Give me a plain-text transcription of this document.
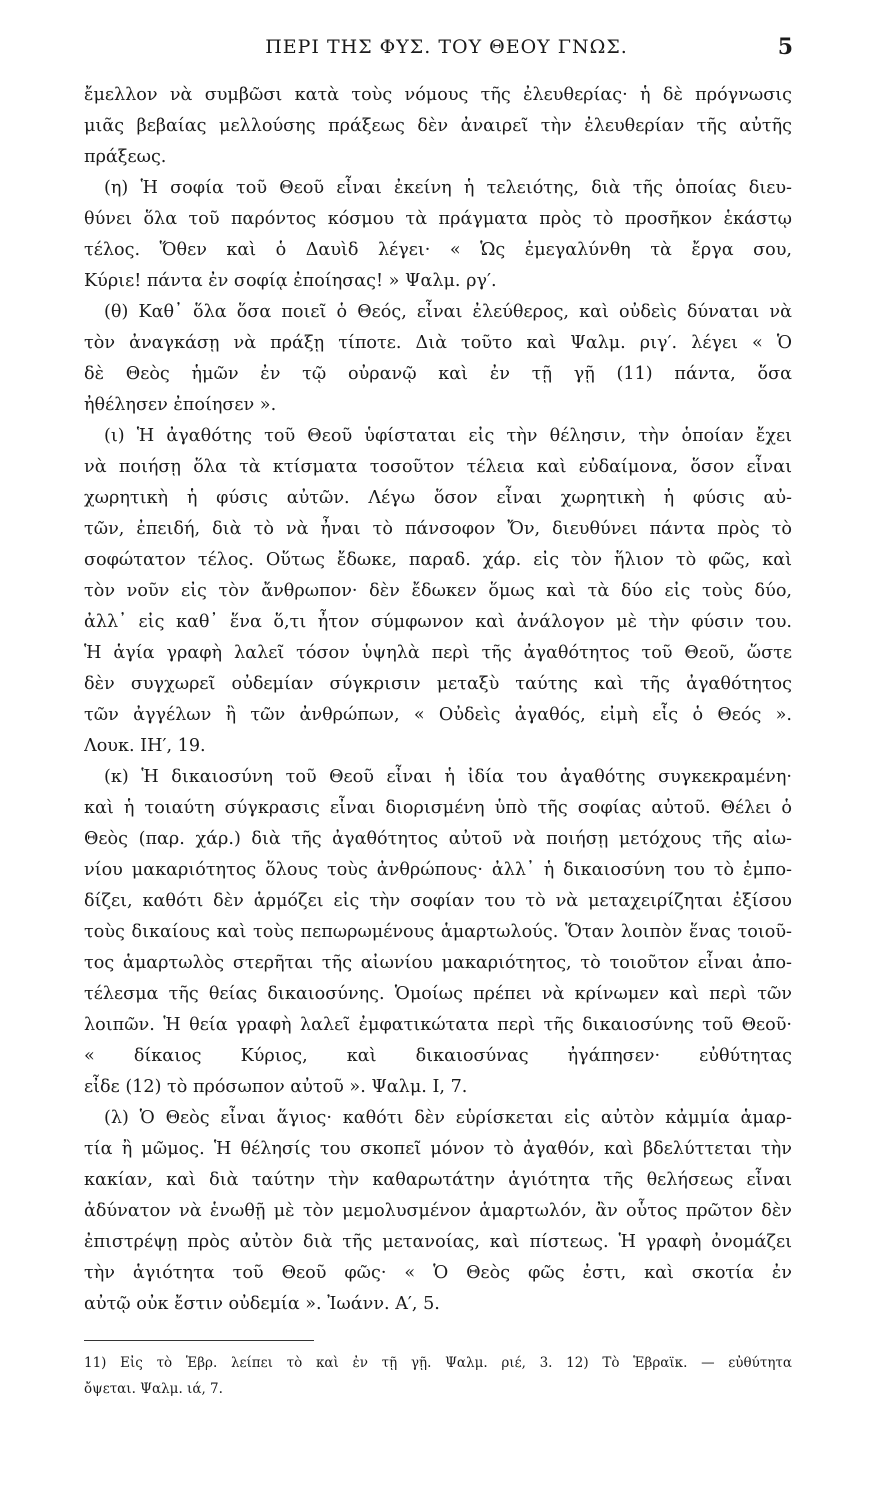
ΠΕΡΙ ΤΗΣ ΦΥΣ. ΤΟΥ ΘΕΟΥ ΓΝΩΣ.	5
ἔμελλον νὰ συμβῶσι κατὰ τοὺς νόμους τῆς ἐλευθερίας· ἡ δὲ πρόγνωσις
μιᾶς βεβαίας μελλούσης πράξεως δὲν ἀναιρεῖ τὴν ἐλευθερίαν τῆς αὐτῆς
πράξεως.
(η) Ἡ σοφία τοῦ Θεοῦ εἶναι ἐκείνη ἡ τελειότης, διὰ τῆς ὁποίας διευ-
θύνει ὅλα τοῦ παρόντος κόσμου τὰ πράγματα πρὸς τὸ προσῆκον ἑκάστῳ
τέλος. Ὅθεν καὶ ὁ Δαυὶδ λέγει· « Ὡς ἐμεγαλύνθη τὰ ἔργα σου,
Κύριε! πάντα ἐν σοφίᾳ ἐποίησας! » Ψαλμ. ργ′.
(θ) Καθ᾽ ὅλα ὅσα ποιεῖ ὁ Θεός, εἶναι ἐλεύθερος, καὶ οὐδεὶς δύναται νὰ
τὸν ἀναγκάσῃ νὰ πράξῃ τίποτε. Διὰ τοῦτο καὶ Ψαλμ. ριγ′. λέγει « Ὁ
δὲ Θεὸς ἡμῶν ἐν τῷ οὐρανῷ καὶ ἐν τῇ γῇ (11) πάντα, ὅσα
ἠθέλησεν ἐποίησεν ».
(ι) Ἡ ἀγαθότης τοῦ Θεοῦ ὑφίσταται εἰς τὴν θέλησιν, τὴν ὁποίαν ἔχει
νὰ ποιήσῃ ὅλα τὰ κτίσματα τοσοῦτον τέλεια καὶ εὐδαίμονα, ὅσον εἶναι
χωρητικὴ ἡ φύσις αὐτῶν. Λέγω ὅσον εἶναι χωρητικὴ ἡ φύσις αὐ-
τῶν, ἐπειδή, διὰ τὸ νὰ ἦναι τὸ πάνσοφον Ὄν, διευθύνει πάντα πρὸς τὸ
σοφώτατον τέλος. Οὕτως ἔδωκε, παραδ. χάρ. εἰς τὸν ἥλιον τὸ φῶς, καὶ
τὸν νοῦν εἰς τὸν ἄνθρωπον· δὲν ἔδωκεν ὅμως καὶ τὰ δύο εἰς τοὺς δύο,
ἀλλ᾽ εἰς καθ᾽ ἕνα ὅ,τι ἦτον σύμφωνον καὶ ἀνάλογον μὲ τὴν φύσιν του.
Ἡ ἁγία γραφὴ λαλεῖ τόσον ὑψηλὰ περὶ τῆς ἀγαθότητος τοῦ Θεοῦ, ὥστε
δὲν συγχωρεῖ οὐδεμίαν σύγκρισιν μεταξὺ ταύτης καὶ τῆς ἀγαθότητος
τῶν ἀγγέλων ἢ τῶν ἀνθρώπων, « Οὐδεὶς ἀγαθός, εἰμὴ εἷς ὁ Θεός ».
Λουκ. ΙΗ′, 19.
(κ) Ἡ δικαιοσύνη τοῦ Θεοῦ εἶναι ἡ ἰδία του ἀγαθότης συγκεκραμένη·
καὶ ἡ τοιαύτη σύγκρασις εἶναι διορισμένη ὑπὸ τῆς σοφίας αὐτοῦ. Θέλει ὁ
Θεὸς (παρ. χάρ.) διὰ τῆς ἀγαθότητος αὐτοῦ νὰ ποιήσῃ μετόχους τῆς αἰω-
νίου μακαριότητος ὅλους τοὺς ἀνθρώπους· ἀλλ᾽ ἡ δικαιοσύνη του τὸ ἐμπο-
δίζει, καθότι δὲν ἁρμόζει εἰς τὴν σοφίαν του τὸ νὰ μεταχειρίζηται ἐξίσου
τοὺς δικαίους καὶ τοὺς πεπωρωμένους ἁμαρτωλούς. Ὅταν λοιπὸν ἕνας τοιοῦ-
τος ἁμαρτωλὸς στερῆται τῆς αἰωνίου μακαριότητος, τὸ τοιοῦτον εἶναι ἀπο-
τέλεσμα τῆς θείας δικαιοσύνης. Ὁμοίως πρέπει νὰ κρίνωμεν καὶ περὶ τῶν
λοιπῶν. Ἡ θεία γραφὴ λαλεῖ ἐμφατικώτατα περὶ τῆς δικαιοσύνης τοῦ Θεοῦ·
« δίκαιος Κύριος, καὶ δικαιοσύνας ἠγάπησεν· εὐθύτητας
εἶδε (12) τὸ πρόσωπον αὐτοῦ ». Ψαλμ. Ι, 7.
(λ) Ὁ Θεὸς εἶναι ἅγιος· καθότι δὲν εὑρίσκεται εἰς αὐτὸν κἀμμία ἁμαρ-
τία ἢ μῶμος. Ἡ θέλησίς του σκοπεῖ μόνον τὸ ἀγαθόν, καὶ βδελύττεται τὴν
κακίαν, καὶ διὰ ταύτην τὴν καθαρωτάτην ἁγιότητα τῆς θελήσεως εἶναι
ἀδύνατον νὰ ἑνωθῇ μὲ τὸν μεμολυσμένον ἁμαρτωλόν, ἂν οὗτος πρῶτον δὲν
ἐπιστρέψῃ πρὸς αὐτὸν διὰ τῆς μετανοίας, καὶ πίστεως. Ἡ γραφὴ ὀνομάζει
τὴν ἁγιότητα τοῦ Θεοῦ φῶς· « Ὁ Θεὸς φῶς ἐστι, καὶ σκοτία ἐν
αὐτῷ οὐκ ἔστιν οὐδεμία ». Ἰωάνν. Α′, 5.
11) Εἰς τὸ Ἑβρ. λείπει τὸ καὶ ἐν τῇ γῇ. Ψαλμ. ριέ, 3. 12) Τὸ Ἑβραϊκ. — εὐθύτητα
ὄψεται. Ψαλμ. ιά, 7.
